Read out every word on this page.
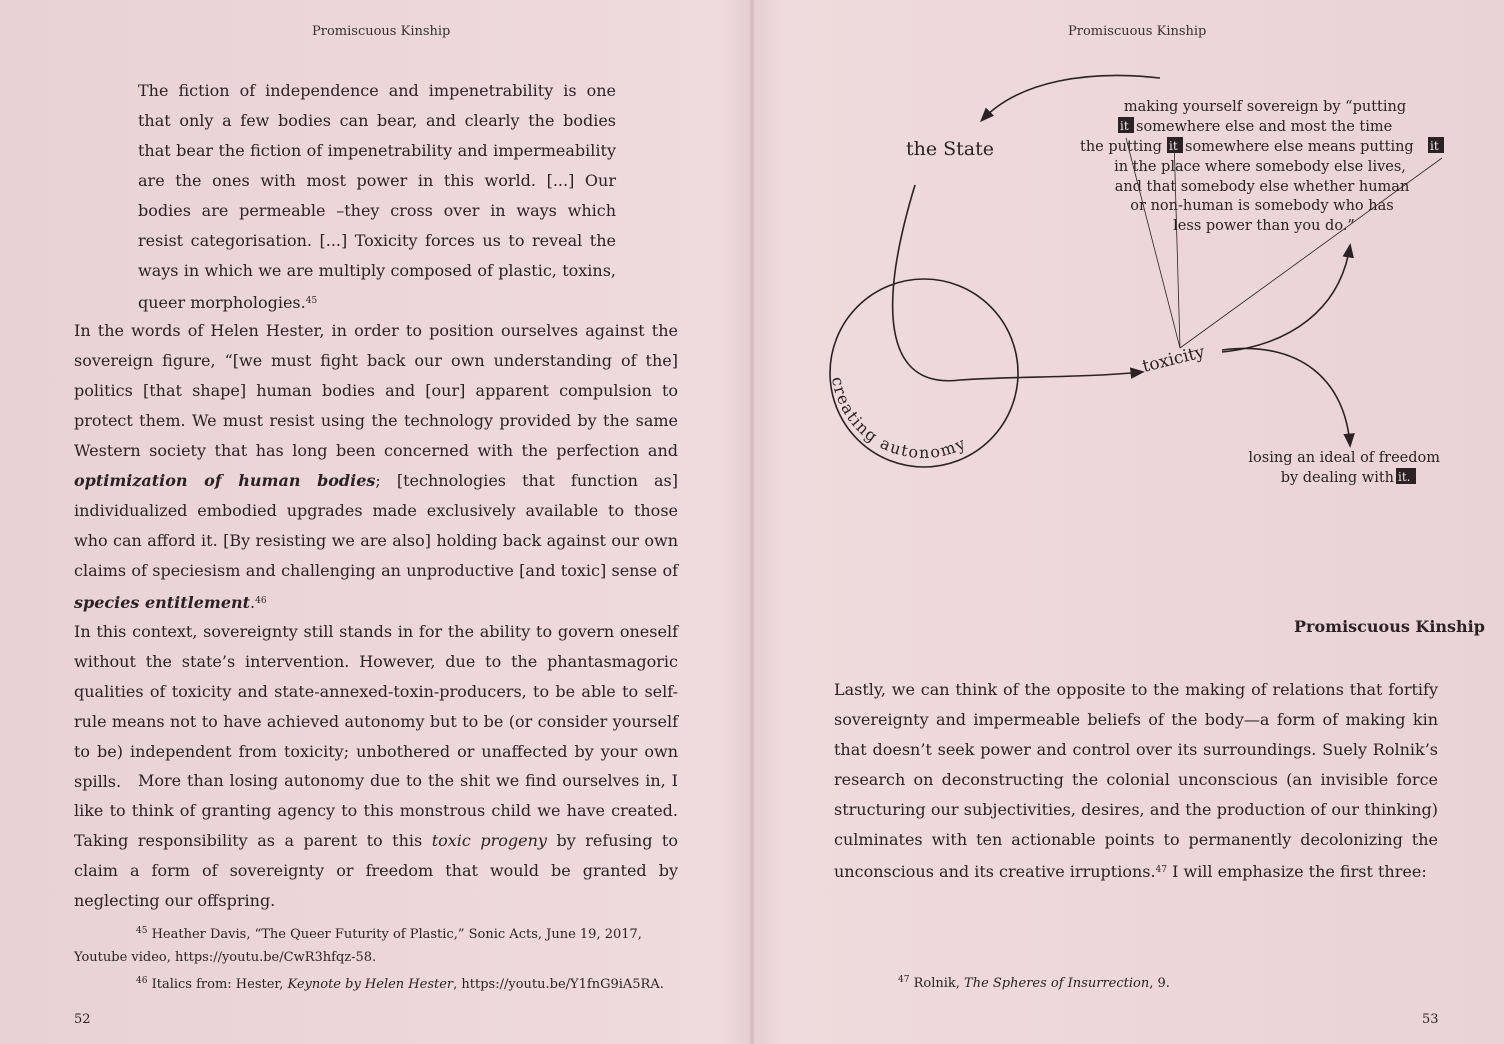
Promiscuous Kinship
The fiction of independence and impenetrability is one that only a few bodies can bear, and clearly the bodies that bear the fiction of impenetrability and impermeability are the ones with most power in this world. [...] Our bodies are permeable –they cross over in ways which resist categorisation. [...] Toxicity forces us to reveal the ways in which we are multiply composed of plastic, toxins, queer morphologies.$^{45}$
In the words of Helen Hester, in order to position ourselves against the sovereign figure, “[we must fight back our own understanding of the] politics [that shape] human bodies and [our] apparent compulsion to protect them. We must resist using the technology provided by the same Western society that has long been concerned with the perfection and optimization of human bodies; [technologies that function as] individualized embodied upgrades made exclusively available to those who can afford it. [By resisting we are also] holding back against our own claims of speciesism and challenging an unproductive [and toxic] sense of species entitlement.$^{46}$
In this context, sovereignty still stands in for the ability to govern oneself without the state’s intervention. However, due to the phantasmagoric qualities of toxicity and state-annexed-toxin-producers, to be able to self-rule means not to have achieved autonomy but to be (or consider yourself to be) independent from toxicity; unbothered or unaffected by your own spills.	More than losing autonomy due to the shit we find ourselves in, I like to think of granting agency to this monstrous child we have created. Taking responsibility as a parent to this toxic progeny by refusing to claim a form of sovereignty or freedom that would be granted by neglecting our offspring.
$^{45}$ Heather Davis, “The Queer Futurity of Plastic,” Sonic Acts, June 19, 2017, Youtube video, https://youtu.be/CwR3hfqz-58.
$^{46}$ Italics from: Hester, Keynote by Helen Hester, https://youtu.be/Y1fnG9iA5RA.
52
Promiscuous Kinship
the State
creating autonomy
toxicity
making yourself sovereign by “putting
it somewhere else and most the time
the putting it somewhere else means putting it
in the place where somebody else lives,
and that somebody else whether human
or non-human is somebody who has
less power than you do.”
losing an ideal of freedom
by dealing with it.
Promiscuous Kinship
Lastly, we can think of the opposite to the making of relations that fortify sovereignty and impermeable beliefs of the body—a form of making kin that doesn’t seek power and control over its surroundings. Suely Rolnik’s research on deconstructing the colonial unconscious (an invisible force structuring our subjectivities, desires, and the production of our thinking) culminates with ten actionable points to permanently decolonizing the unconscious and its creative irruptions.$^{47}$ I will emphasize the first three:
$^{47}$ Rolnik, The Spheres of Insurrection, 9.
53
